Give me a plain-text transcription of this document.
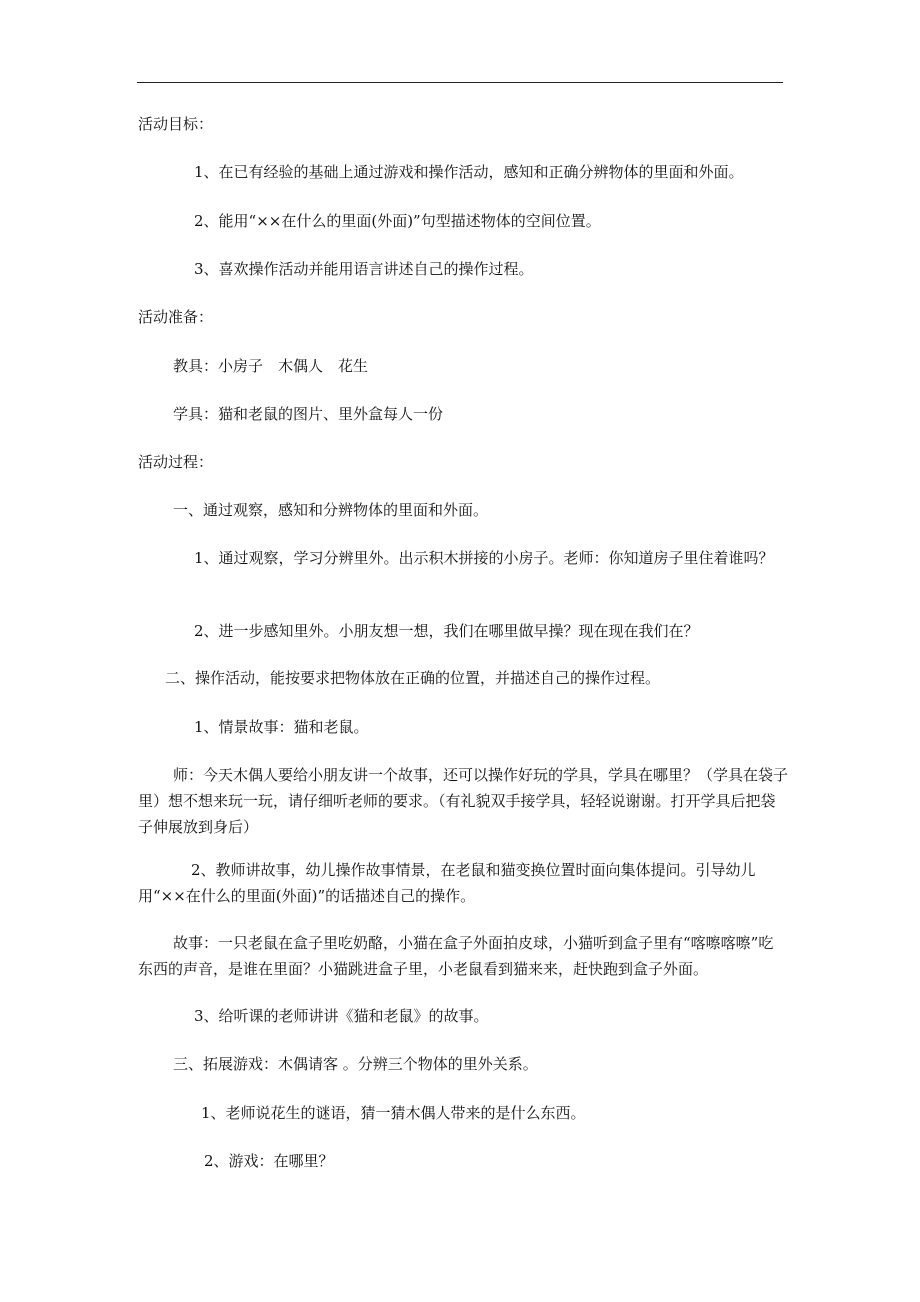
活动目标：
1、在已有经验的基础上通过游戏和操作活动，感知和正确分辨物体的里面和外面。
2、能用“××在什么的里面(外面)”句型描述物体的空间位置。
3、喜欢操作活动并能用语言讲述自己的操作过程。
活动准备：
教具：小房子　木偶人　花生
学具：猫和老鼠的图片、里外盒每人一份
活动过程：
一、通过观察，感知和分辨物体的里面和外面。
1、通过观察，学习分辨里外。出示积木拼接的小房子。老师：你知道房子里住着谁吗？
2、进一步感知里外。小朋友想一想，我们在哪里做早操？现在现在我们在？
二、操作活动，能按要求把物体放在正确的位置，并描述自己的操作过程。
1、情景故事：猫和老鼠。
师：今天木偶人要给小朋友讲一个故事，还可以操作好玩的学具，学具在哪里？（学具在袋子里）想不想来玩一玩，请仔细听老师的要求。（有礼貌双手接学具，轻轻说谢谢。打开学具后把袋子伸展放到身后）
2、教师讲故事，幼儿操作故事情景，在老鼠和猫变换位置时面向集体提问。引导幼儿用“××在什么的里面(外面)”的话描述自己的操作。
故事：一只老鼠在盒子里吃奶酪，小猫在盒子外面拍皮球，小猫听到盒子里有“喀嚓喀嚓”吃东西的声音，是谁在里面？小猫跳进盒子里，小老鼠看到猫来来，赶快跑到盒子外面。
3、给听课的老师讲讲《猫和老鼠》的故事。
三、拓展游戏：木偶请客 。分辨三个物体的里外关系。
1、老师说花生的谜语，猜一猜木偶人带来的是什么东西。
2、游戏：在哪里？
